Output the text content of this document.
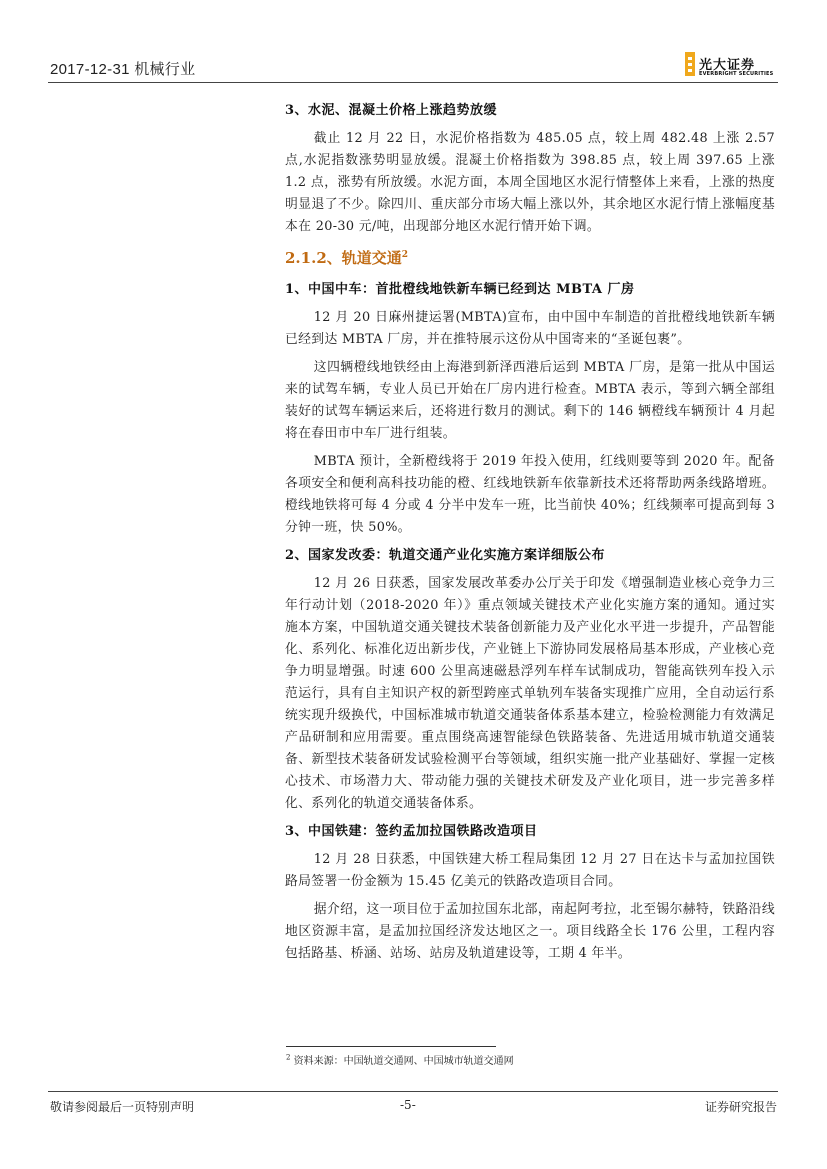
2017-12-31 机械行业	光大证券
EVERBRIGHT SECURITIES
3、水泥、混凝土价格上涨趋势放缓

截止 12 月 22 日，水泥价格指数为 485.05 点，较上周 482.48 上涨 2.57 点,水泥指数涨势明显放缓。混凝土价格指数为 398.85 点，较上周 397.65 上涨 1.2 点，涨势有所放缓。水泥方面，本周全国地区水泥行情整体上来看，上涨的热度明显退了不少。除四川、重庆部分市场大幅上涨以外，其余地区水泥行情上涨幅度基本在 20-30 元/吨，出现部分地区水泥行情开始下调。

2.1.2、轨道交通$^2$
1、中国中车：首批橙线地铁新车辆已经到达 MBTA 厂房

12 月 20 日麻州捷运署(MBTA)宣布，由中国中车制造的首批橙线地铁新车辆已经到达 MBTA 厂房，并在推特展示这份从中国寄来的“圣诞包裹”。

这四辆橙线地铁经由上海港到新泽西港后运到 MBTA 厂房，是第一批从中国运来的试驾车辆，专业人员已开始在厂房内进行检查。MBTA 表示，等到六辆全部组装好的试驾车辆运来后，还将进行数月的测试。剩下的 146 辆橙线车辆预计 4 月起将在春田市中车厂进行组装。

MBTA 预计，全新橙线将于 2019 年投入使用，红线则要等到 2020 年。配备各项安全和便利高科技功能的橙、红线地铁新车依靠新技术还将帮助两条线路增班。橙线地铁将可每 4 分或 4 分半中发车一班，比当前快 40%；红线频率可提高到每 3 分钟一班，快 50%。

2、国家发改委：轨道交通产业化实施方案详细版公布

12 月 26 日获悉，国家发展改革委办公厅关于印发《增强制造业核心竞争力三年行动计划（2018-2020 年）》重点领域关键技术产业化实施方案的通知。通过实施本方案，中国轨道交通关键技术装备创新能力及产业化水平进一步提升，产品智能化、系列化、标准化迈出新步伐，产业链上下游协同发展格局基本形成，产业核心竞争力明显增强。时速 600 公里高速磁悬浮列车样车试制成功，智能高铁列车投入示范运行，具有自主知识产权的新型跨座式单轨列车装备实现推广应用，全自动运行系统实现升级换代，中国标准城市轨道交通装备体系基本建立，检验检测能力有效满足产品研制和应用需要。重点围绕高速智能绿色铁路装备、先进适用城市轨道交通装备、新型技术装备研发试验检测平台等领域，组织实施一批产业基础好、掌握一定核心技术、市场潜力大、带动能力强的关键技术研发及产业化项目，进一步完善多样化、系列化的轨道交通装备体系。

3、中国铁建：签约孟加拉国铁路改造项目

12 月 28 日获悉，中国铁建大桥工程局集团 12 月 27 日在达卡与孟加拉国铁路局签署一份金额为 15.45 亿美元的铁路改造项目合同。

据介绍，这一项目位于孟加拉国东北部，南起阿考拉，北至锡尔赫特，铁路沿线地区资源丰富，是孟加拉国经济发达地区之一。项目线路全长 176 公里，工程内容包括路基、桥涵、站场、站房及轨道建设等，工期 4 年半。

$^2$ 资料来源：中国轨道交通网、中国城市轨道交通网
敬请参阅最后一页特别声明	-5-	证券研究报告
